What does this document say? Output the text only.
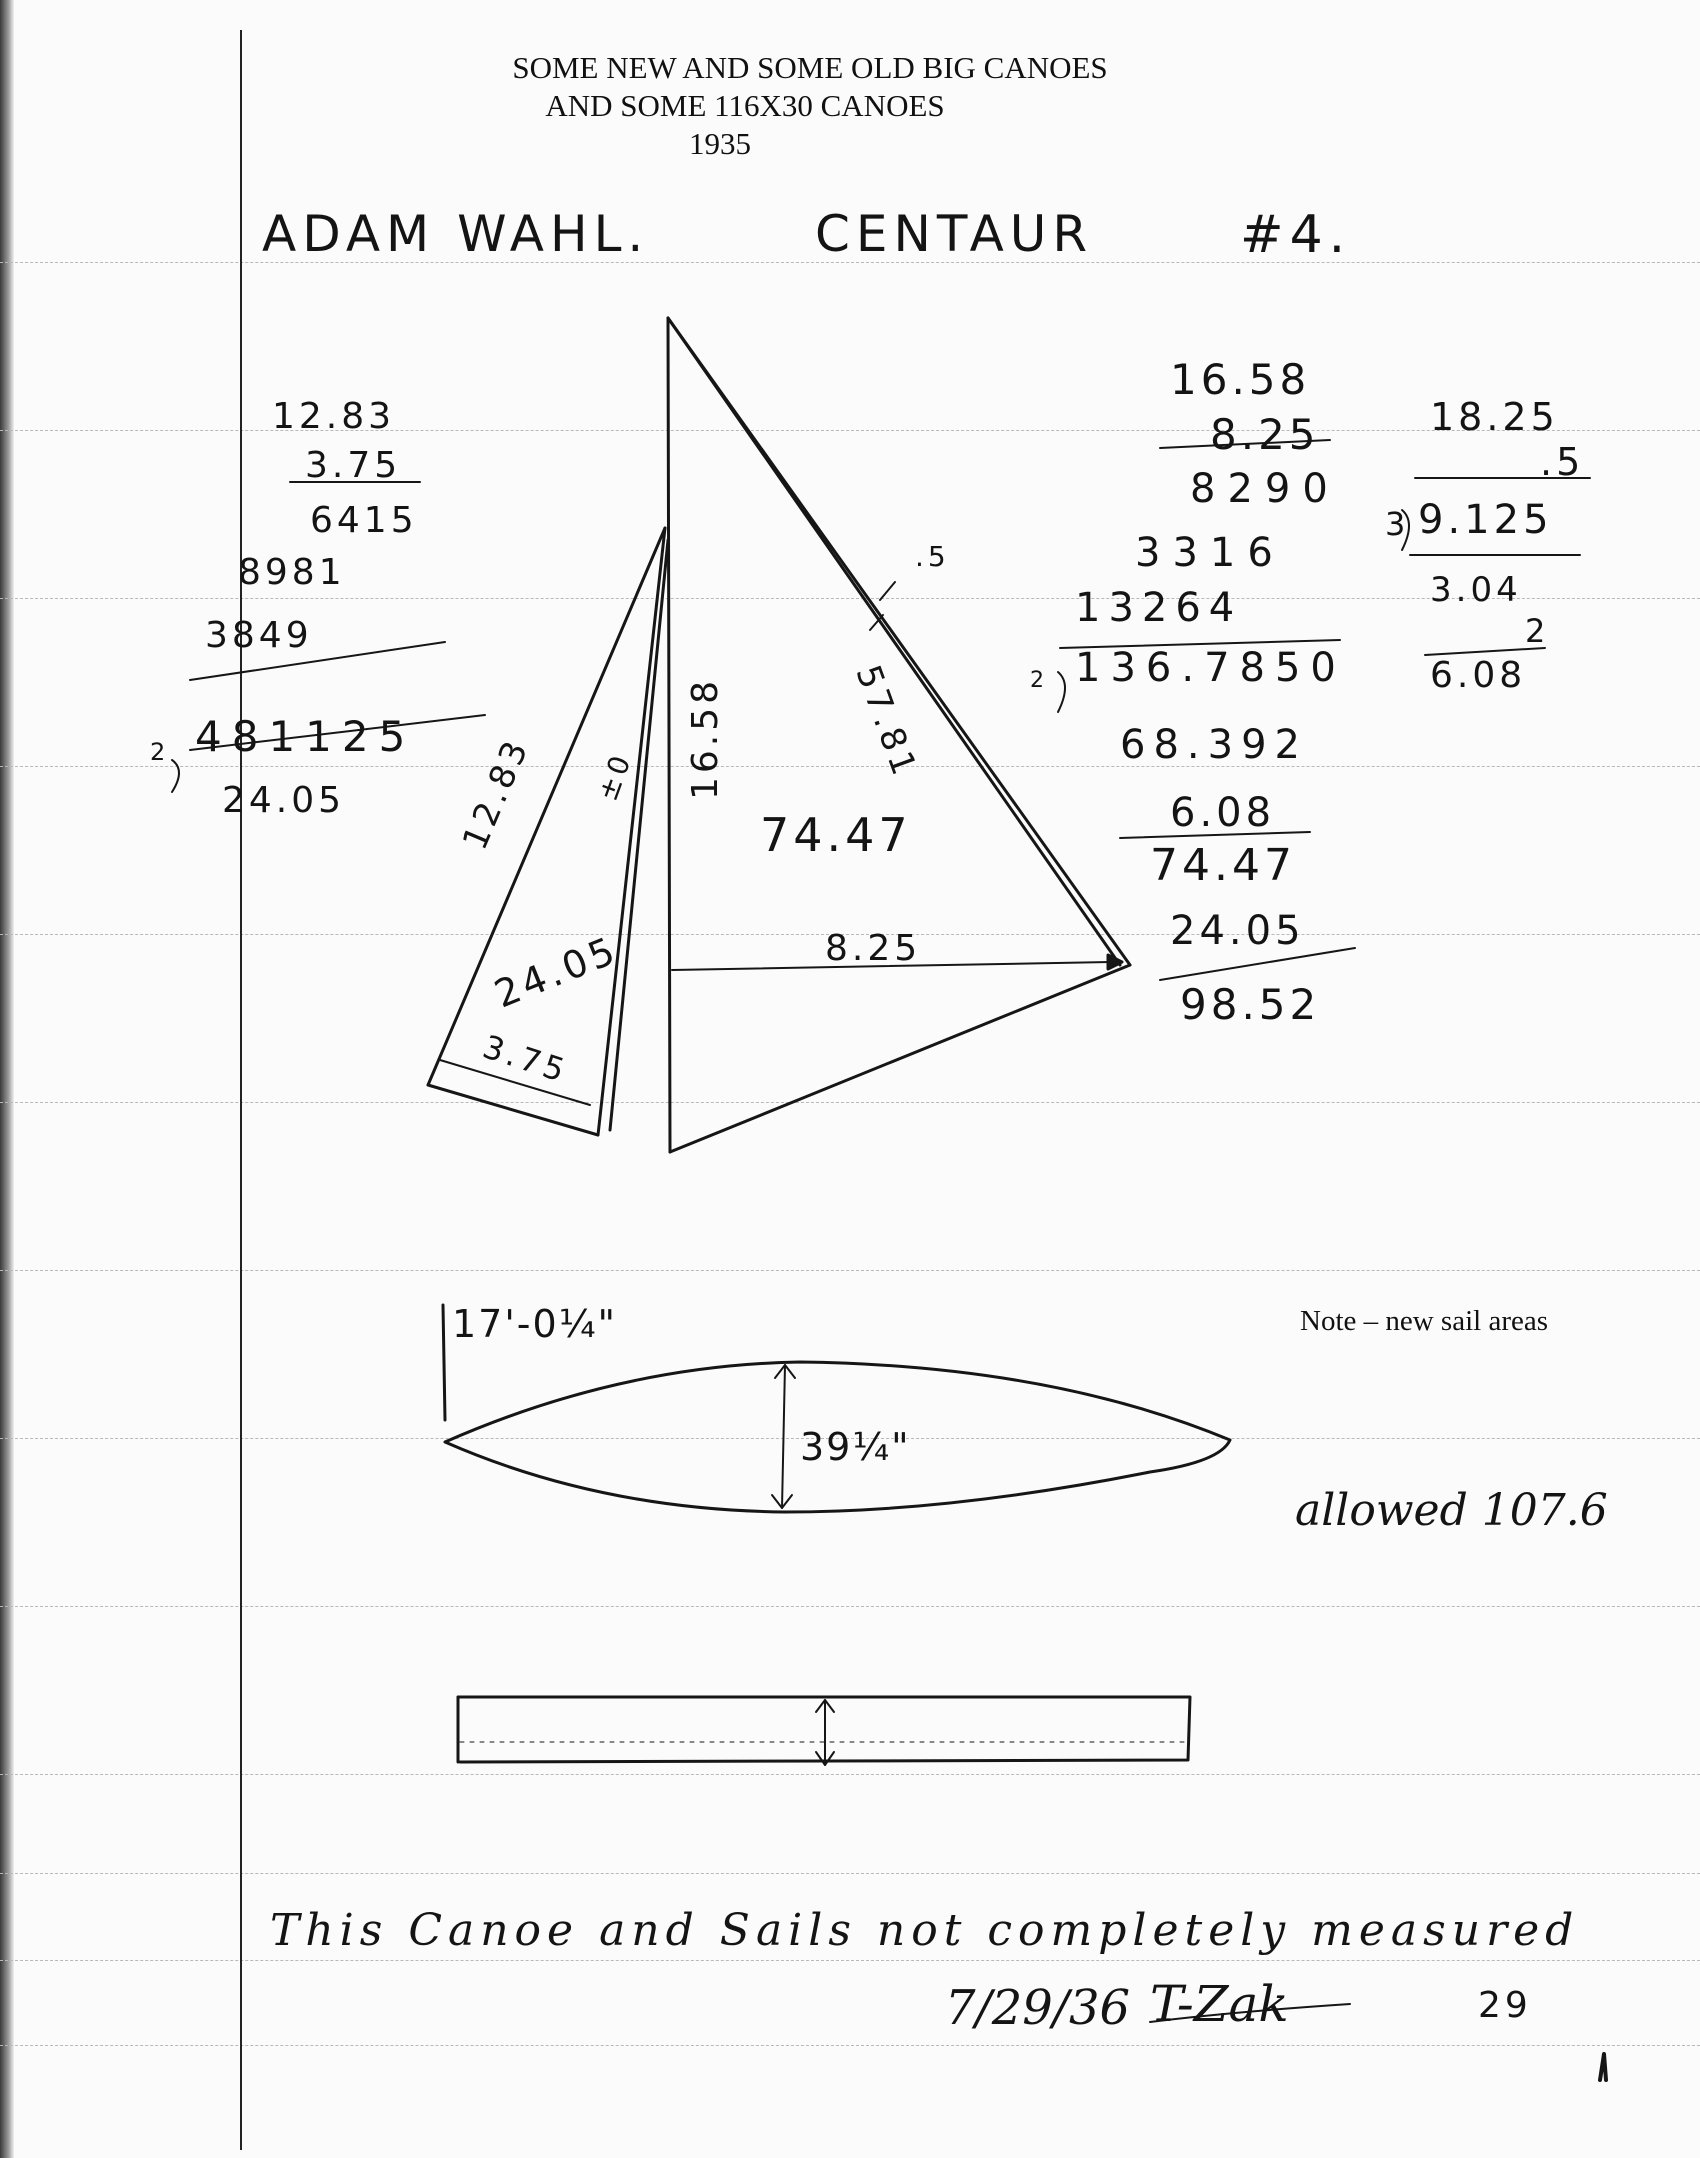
SOME NEW AND SOME OLD BIG CANOES
AND SOME 116X30 CANOES
1935
ADAM WAHL.	CENTAUR	#4.
12.83
3.75
6415
8981
3849
2 481125
24.05
16.58
8.25
8290
3316
13264
2 136.7850
68.392
6.08
74.47
24.05
98.52
18.25
.5
3 9.125
3.04
2
6.08
12.83
24.05
3.75
±0 16.58
74.47
57.81
8.25
.5
17'-0¼"
39¼"
Note – new sail areas
allowed 107.6
This Canoe and Sails not completely measured
7/29/36 T-Zak	29
